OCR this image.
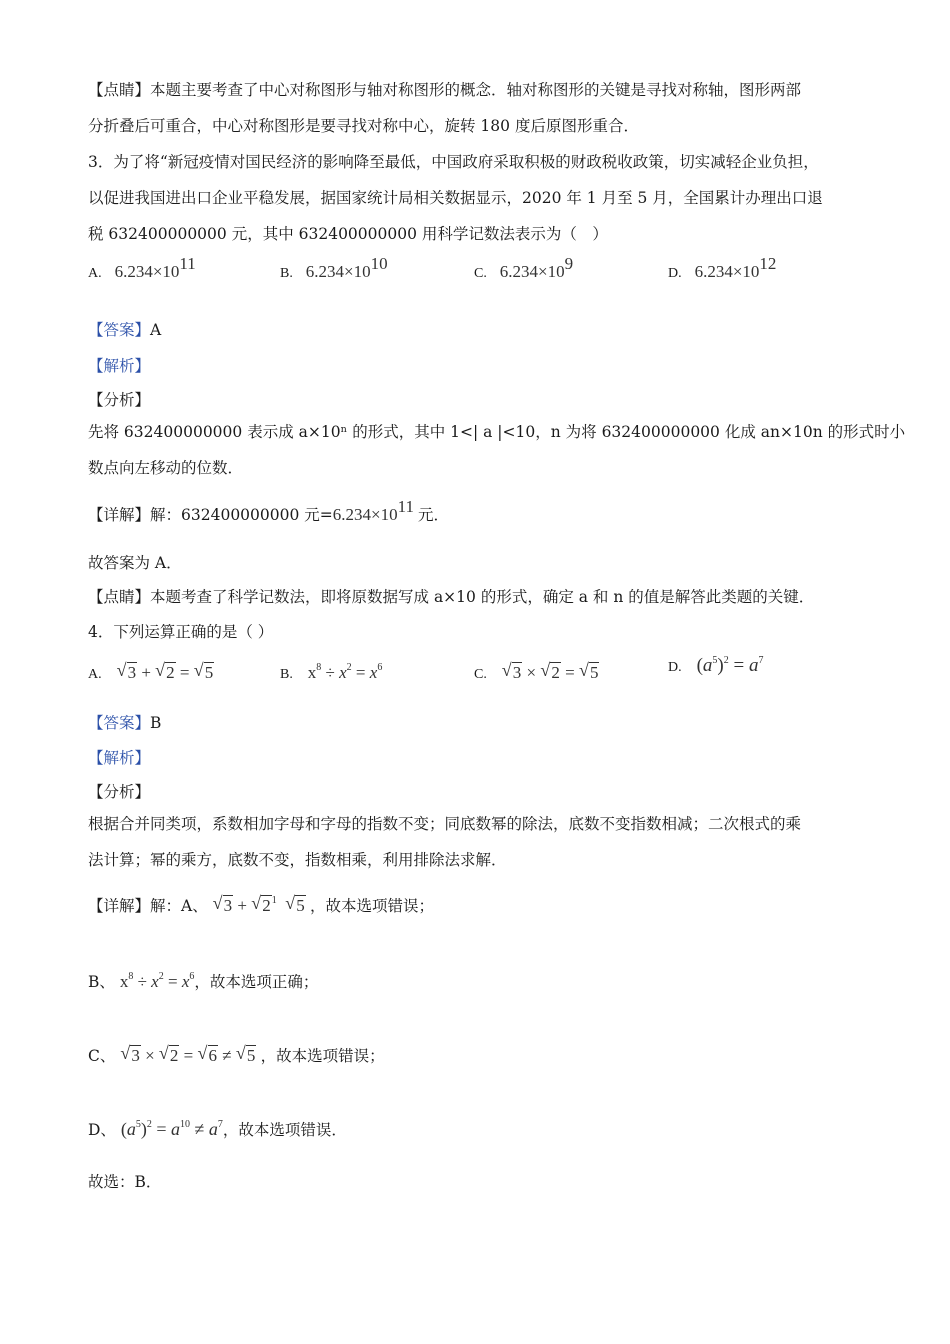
【点睛】本题主要考查了中心对称图形与轴对称图形的概念．轴对称图形的关键是寻找对称轴，图形两部
分折叠后可重合，中心对称图形是要寻找对称中心，旋转 180 度后原图形重合．
3．为了将“新冠疫情对国民经济的影响降至最低，中国政府采取积极的财政税收政策，切实减轻企业负担，
以促进我国进出口企业平稳发展，据国家统计局相关数据显示，2020 年 1 月至 5 月，全国累计办理出口退
税 632400000000 元，其中 632400000000 用科学记数法表示为（　）
A. $6.234\times 10^{11}$
B. $6.234\times 10^{10}$
C. $6.234\times 10^9$
D. $6.234\times 10^{12}$
【答案】A
【解析】
【分析】
先将 632400000000 表示成 a×10ⁿ 的形式，其中 1<| a |<10，n 为将 632400000000 化成 an×10n 的形式时小
数点向左移动的位数．
【详解】解：632400000000 元$=6.234\times 10^{11}$ 元．
故答案为 A．
【点睛】本题考查了科学记数法，即将原数据写成 a×10 的形式，确定 a 和 n 的值是解答此类题的关键．
4．下列运算正确的是（ ）
A. √ 3 + √ 2 = √ 5	B. $x^8 \div x^2 = x^6$	C. √ 3 × √ 2 = √ 5	D. $(a^5)^2 = a^7$
【答案】B
【解析】
【分析】
根据合并同类项，系数相加字母和字母的指数不变；同底数幂的除法，底数不变指数相减；二次根式的乘
法计算；幂的乘方，底数不变，指数相乘，利用排除法求解．
【详解】解：A、 √ 3 + √ $2^1$ √ 5 ，故本选项错误；
B、 $x^8 \div x^2 = x^6$，故本选项正确；
C、 √ 3 × √ 2 = √ 6 ≠ √ 5 ，故本选项错误；
D、 $(a^5)^2 = a^{10} \ne a^7$，故本选项错误．
故选：B．
